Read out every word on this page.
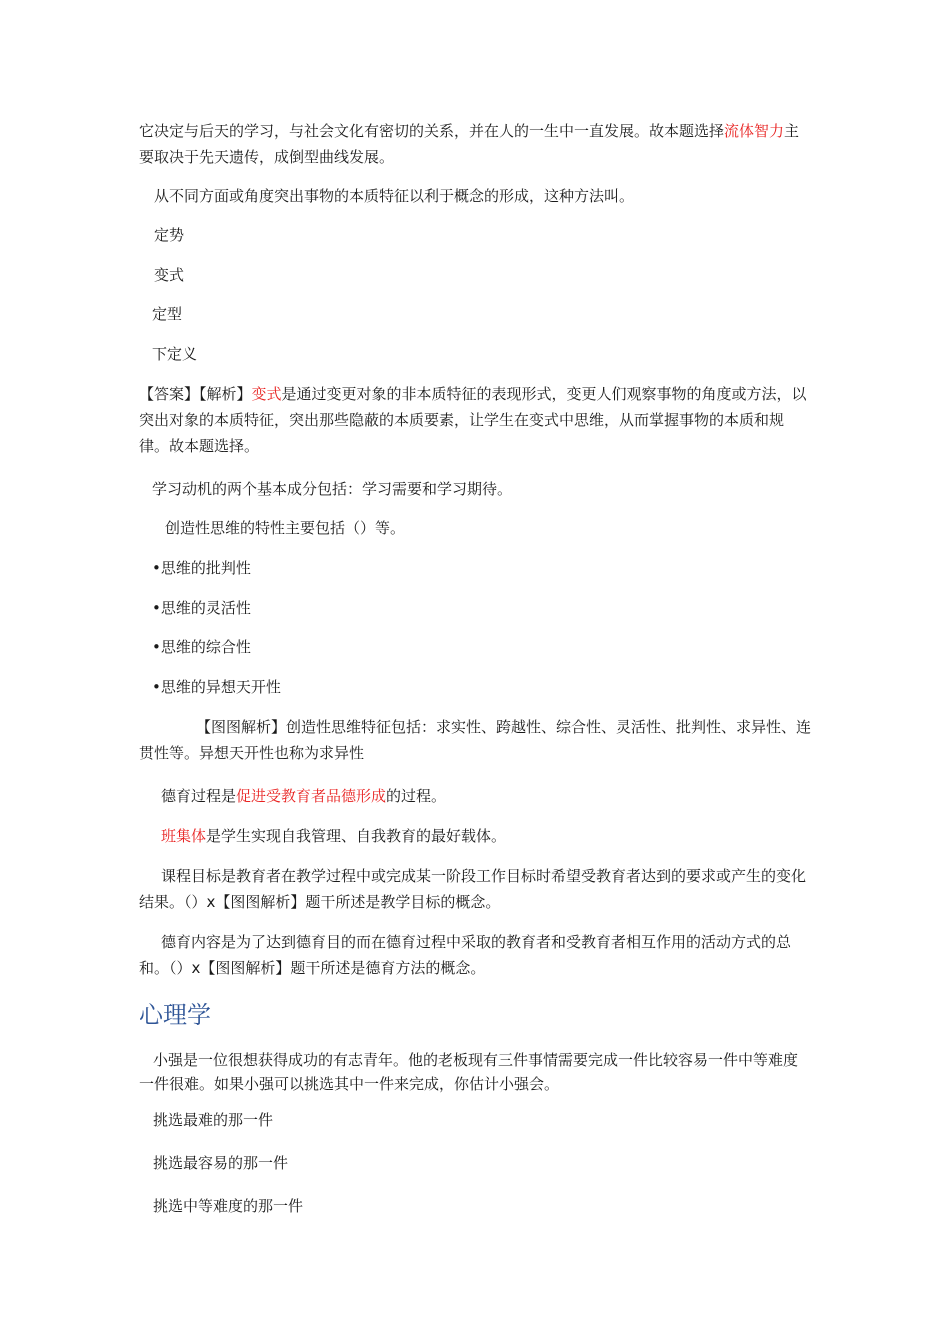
它决定与后天的学习，与社会文化有密切的关系，并在人的一生中一直发展。故本题选择流体智力主要取决于先天遗传，成倒型曲线发展。
从不同方面或角度突出事物的本质特征以利于概念的形成，这种方法叫。
定势
变式
定型
下定义
【答案】【解析】变式是通过变更对象的非本质特征的表现形式，变更人们观察事物的角度或方法，以突出对象的本质特征，突出那些隐蔽的本质要素，让学生在变式中思维，从而掌握事物的本质和规律。故本题选择。
学习动机的两个基本成分包括：学习需要和学习期待。
创造性思维的特性主要包括（）等。
•思维的批判性
•思维的灵活性
•思维的综合性
•思维的异想天开性
【图图解析】创造性思维特征包括：求实性、跨越性、综合性、灵活性、批判性、求异性、连贯性等。异想天开性也称为求异性
德育过程是促进受教育者品德形成的过程。
班集体是学生实现自我管理、自我教育的最好载体。
课程目标是教育者在教学过程中或完成某一阶段工作目标时希望受教育者达到的要求或产生的变化结果。（）x【图图解析】题干所述是教学目标的概念。
德育内容是为了达到德育目的而在德育过程中采取的教育者和受教育者相互作用的活动方式的总和。（）x【图图解析】题干所述是德育方法的概念。
心理学
小强是一位很想获得成功的有志青年。他的老板现有三件事情需要完成一件比较容易一件中等难度一件很难。如果小强可以挑选其中一件来完成，你估计小强会。
挑选最难的那一件
挑选最容易的那一件
挑选中等难度的那一件
